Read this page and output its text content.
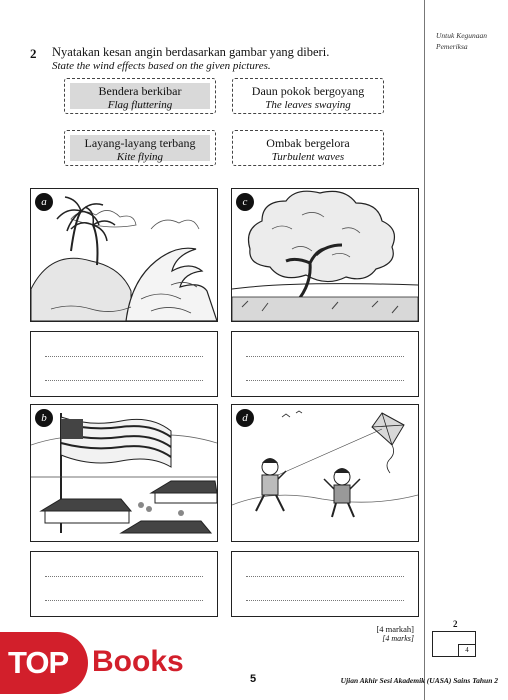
Untuk Kegunaan Pemeriksa
2 Nyatakan kesan angin berdasarkan gambar yang diberi.
State the wind effects based on the given pictures.
Bendera berkibar
Flag fluttering
Daun pokok bergoyang
The leaves swaying
Layang-layang terbang
Kite flying
Ombak bergelora
Turbulent waves
a	c
b	d
[4 markah]
[4 marks]
2
4
TOP Books
5	Ujian Akhir Sesi Akademik (UASA) Sains Tahun 2
